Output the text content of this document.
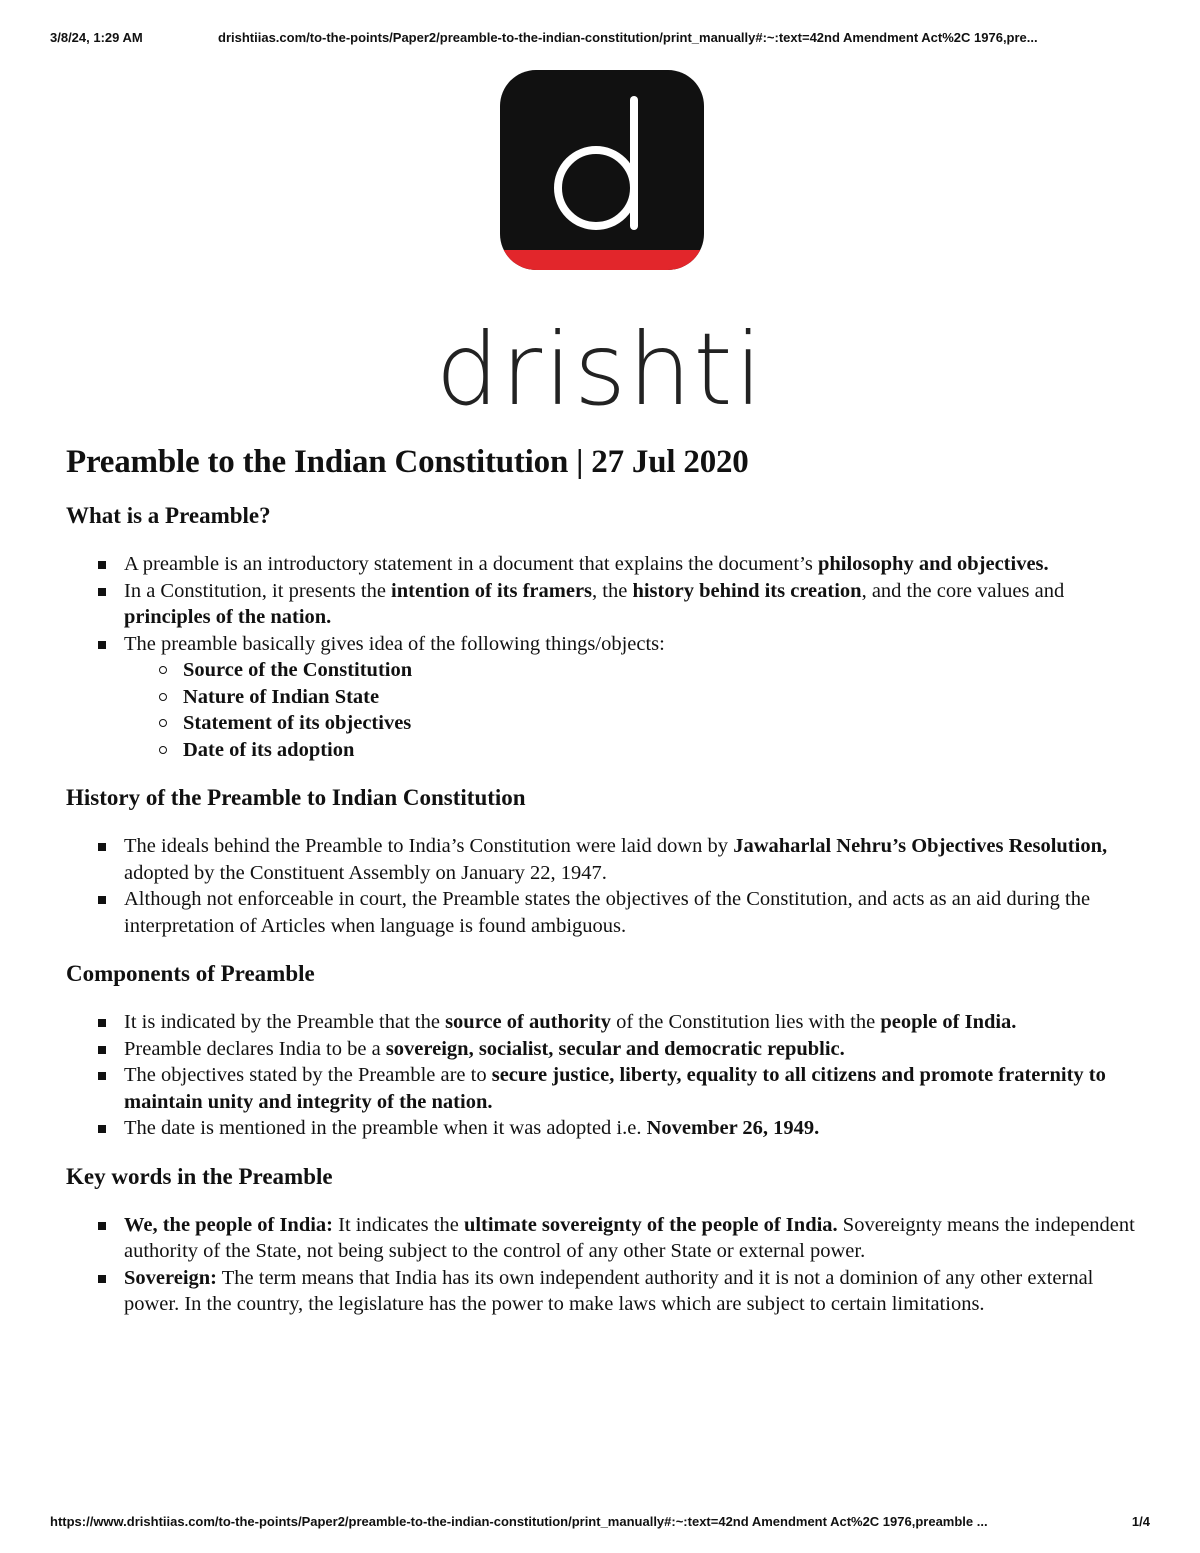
3/8/24, 1:29 AM	drishtiias.com/to-the-points/Paper2/preamble-to-the-indian-constitution/print_manually#:~:text=42nd Amendment Act%2C 1976,pre...
drishti
Preamble to the Indian Constitution | 27 Jul 2020
What is a Preamble?
A preamble is an introductory statement in a document that explains the document’s philosophy and objectives.
In a Constitution, it presents the intention of its framers, the history behind its creation, and the core values and principles of the nation.
The preamble basically gives idea of the following things/objects:
Source of the Constitution
Nature of Indian State
Statement of its objectives
Date of its adoption
History of the Preamble to Indian Constitution
The ideals behind the Preamble to India’s Constitution were laid down by Jawaharlal Nehru’s Objectives Resolution, adopted by the Constituent Assembly on January 22, 1947.
Although not enforceable in court, the Preamble states the objectives of the Constitution, and acts as an aid during the interpretation of Articles when language is found ambiguous.
Components of Preamble
It is indicated by the Preamble that the source of authority of the Constitution lies with the people of India.
Preamble declares India to be a sovereign, socialist, secular and democratic republic.
The objectives stated by the Preamble are to secure justice, liberty, equality to all citizens and promote fraternity to maintain unity and integrity of the nation.
The date is mentioned in the preamble when it was adopted i.e. November 26, 1949.
Key words in the Preamble
We, the people of India: It indicates the ultimate sovereignty of the people of India. Sovereignty means the independent authority of the State, not being subject to the control of any other State or external power.
Sovereign: The term means that India has its own independent authority and it is not a dominion of any other external power. In the country, the legislature has the power to make laws which are subject to certain limitations.
https://www.drishtiias.com/to-the-points/Paper2/preamble-to-the-indian-constitution/print_manually#:~:text=42nd Amendment Act%2C 1976,preamble ...	1/4
